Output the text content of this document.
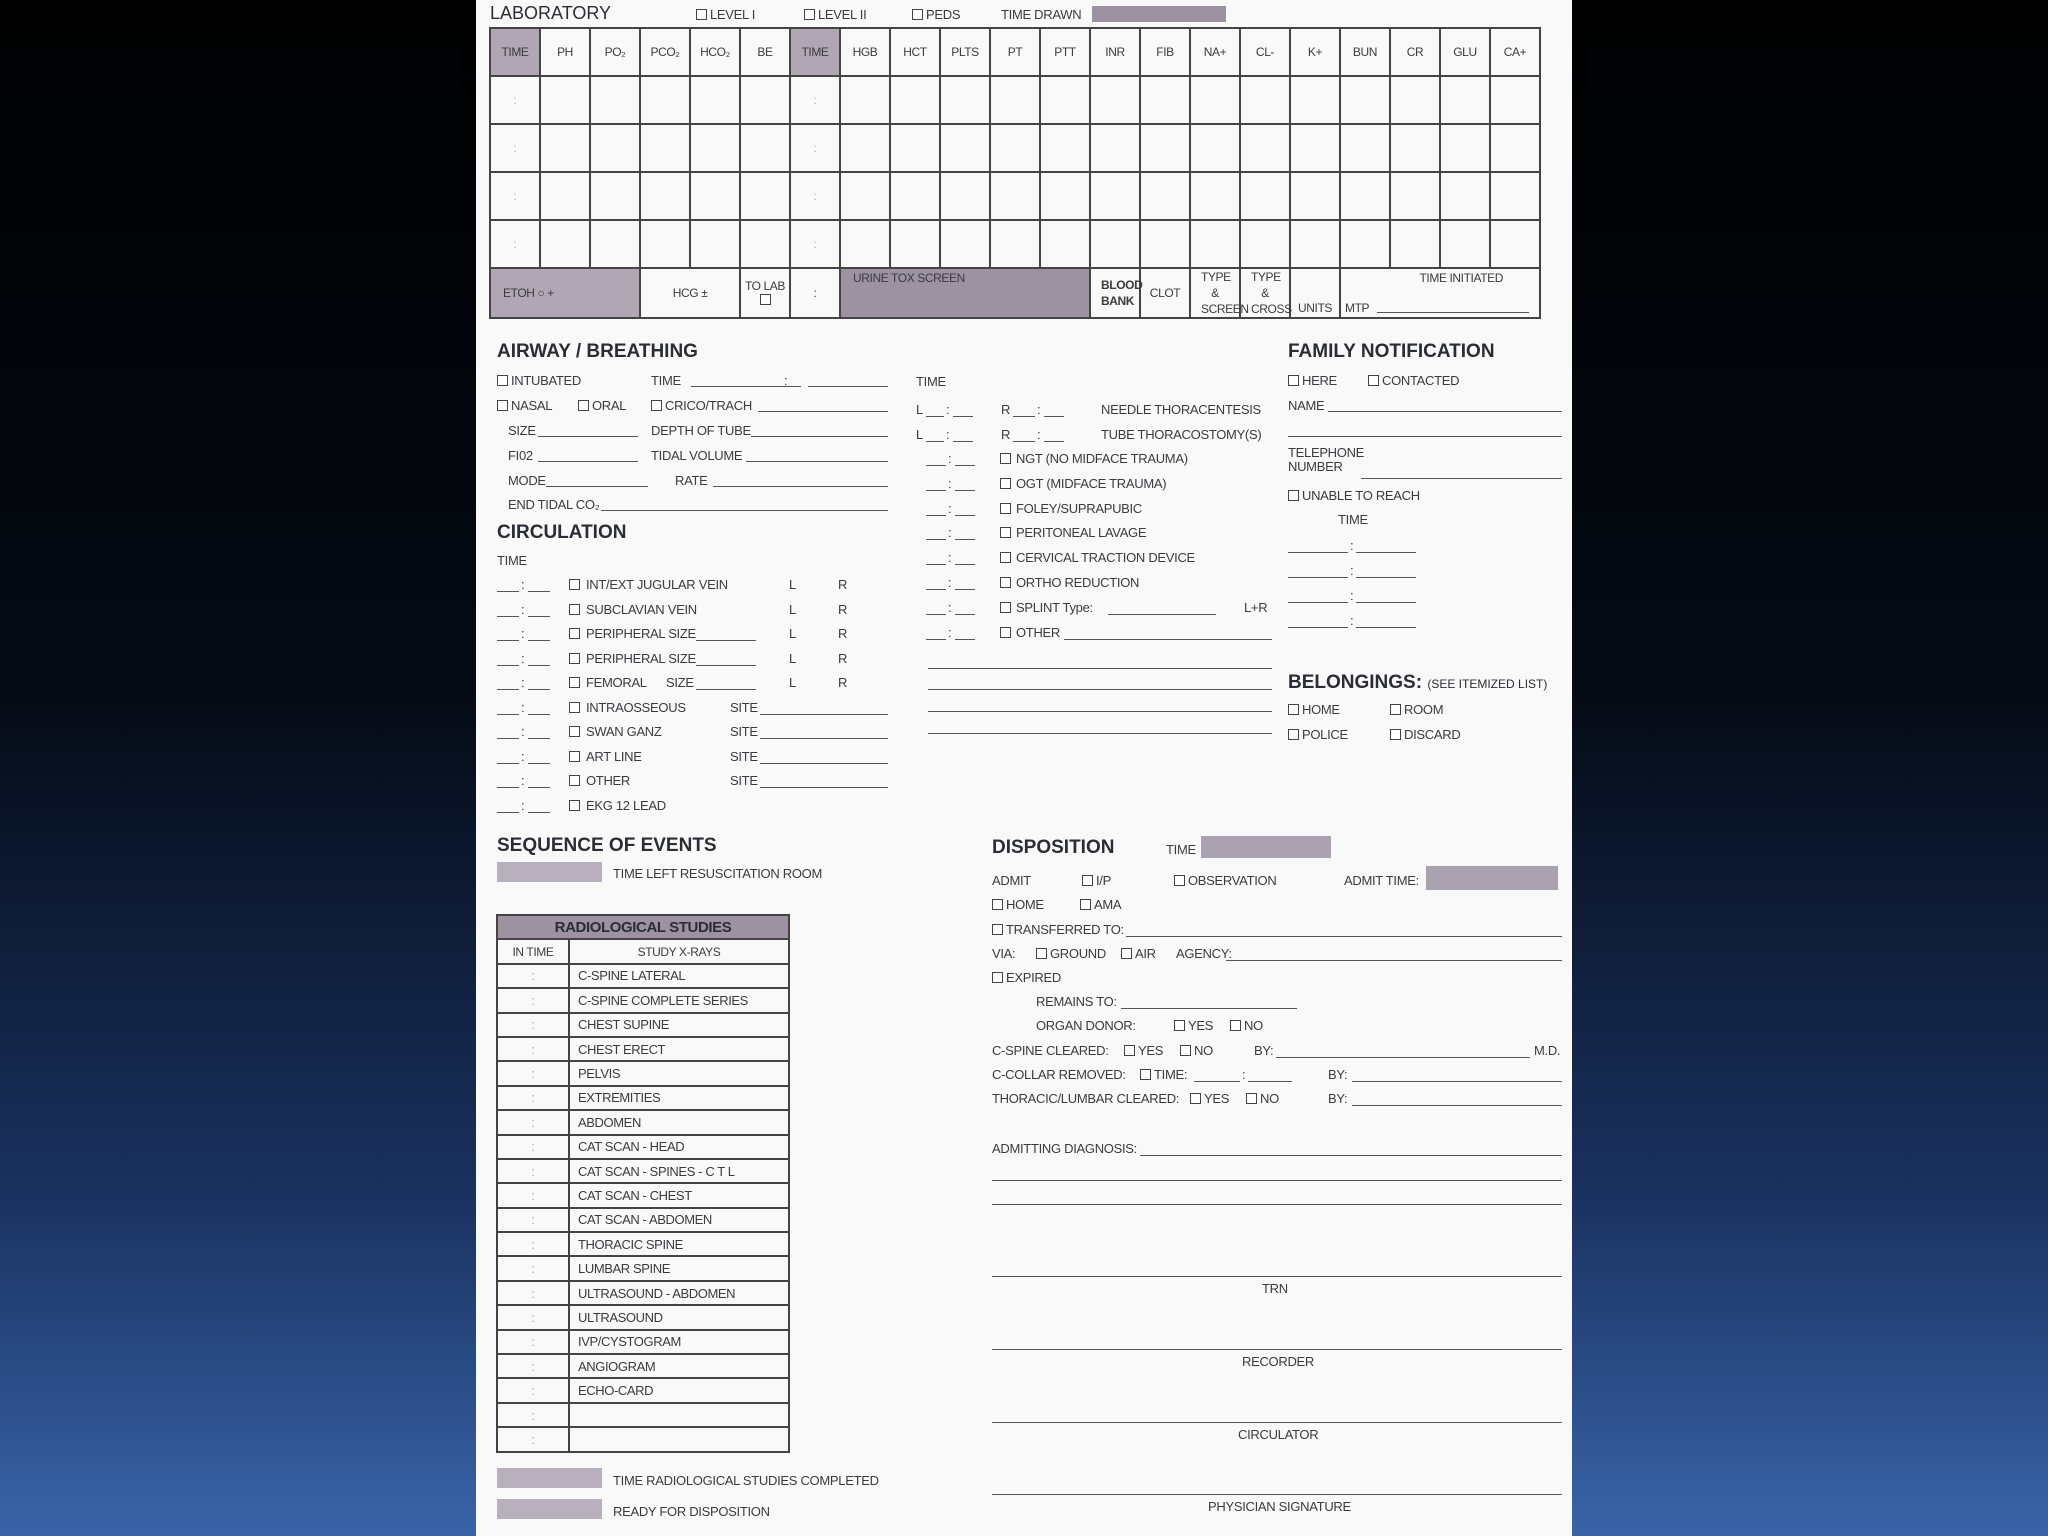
LABORATORY	LEVEL I	LEVEL II	PEDS	TIME DRAWN
TIME	PH	PO₂	PCO₂	HCO₂	BE	TIME	HGB	HCT	PLTS	PT	PTT	INR	FIB	NA+	CL-	K+	BUN	CR	GLU	CA+
:						:														
:						:														
:						:														
:						:														
ETOH ○ +			HCG ±		TO LAB	:	URINE TOX SCREEN					BLOOD BANK	CLOT	TYPE & SCREEN	TYPE & CROSS	UNITS	TIME INITIATED
MTP			
AIRWAY / BREATHING
INTUBATED	TIME	:
NASAL	ORAL	CRICO/TRACH
SIZE	DEPTH OF TUBE
FI02	TIDAL VOLUME
MODE	RATE
END TIDAL CO₂
CIRCULATION
TIME
:	INT/EXT JUGULAR VEIN	L	R
:	SUBCLAVIAN VEIN	L	R
:	PERIPHERAL SIZE	L	R
:	PERIPHERAL SIZE	L	R
:	FEMORAL SIZE	L	R
:	INTRAOSSEOUS	SITE
:	SWAN GANZ	SITE
:	ART LINE	SITE
:	OTHER	SITE
:	EKG 12 LEAD
TIME
L :	R :	NEEDLE THORACENTESIS
L :	R :	TUBE THORACOSTOMY(S)
:	NGT (NO MIDFACE TRAUMA)
:	OGT (MIDFACE TRAUMA)
:	FOLEY/SUPRAPUBIC
:	PERITONEAL LAVAGE
:	CERVICAL TRACTION DEVICE
:	ORTHO REDUCTION
:	SPLINT Type:	L+R
:	OTHER
FAMILY NOTIFICATION
HERE	CONTACTED
NAME
TELEPHONE
NUMBER
UNABLE TO REACH
TIME
:
:
:
:
BELONGINGS: (SEE ITEMIZED LIST)
HOME	ROOM
POLICE	DISCARD
SEQUENCE OF EVENTS
TIME LEFT RESUSCITATION ROOM
RADIOLOGICAL STUDIES	
IN TIME	STUDY X-RAYS
:	C-SPINE LATERAL
:	C-SPINE COMPLETE SERIES
:	CHEST SUPINE
:	CHEST ERECT
:	PELVIS
:	EXTREMITIES
:	ABDOMEN
:	CAT SCAN - HEAD
:	CAT SCAN - SPINES - C T L
:	CAT SCAN - CHEST
:	CAT SCAN - ABDOMEN
:	THORACIC SPINE
:	LUMBAR SPINE
:	ULTRASOUND - ABDOMEN
:	ULTRASOUND
:	IVP/CYSTOGRAM
:	ANGIOGRAM
:	ECHO-CARD
:	
:	
TIME RADIOLOGICAL STUDIES COMPLETED
READY FOR DISPOSITION
DISPOSITION	TIME
ADMIT	I/P	OBSERVATION	ADMIT TIME:
HOME	AMA
TRANSFERRED TO:
VIA:	GROUND	AIR AGENCY:
EXPIRED
REMAINS TO:
ORGAN DONOR:	YES	NO
C-SPINE CLEARED:	YES	NO	BY:	M.D.
C-COLLAR REMOVED:	TIME:	:	BY:
THORACIC/LUMBAR CLEARED:	YES	NO	BY:
ADMITTING DIAGNOSIS:
TRN
RECORDER
CIRCULATOR
PHYSICIAN SIGNATURE
